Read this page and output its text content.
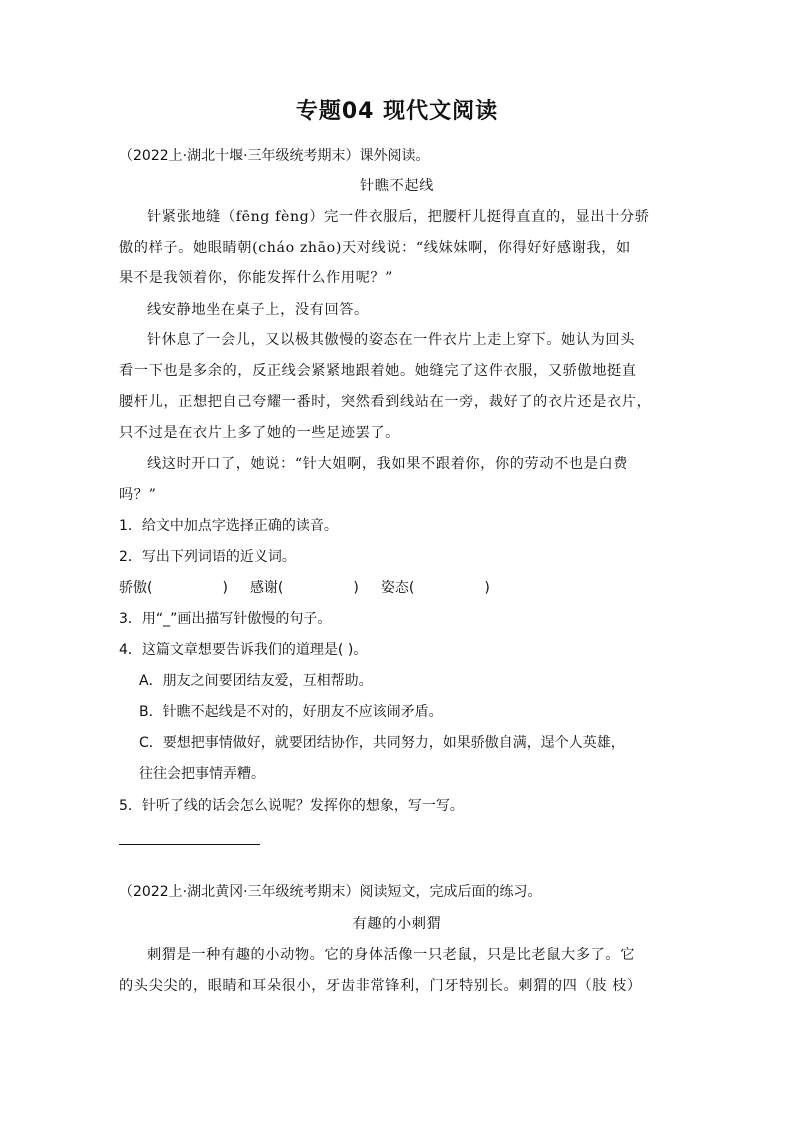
专题04 现代文阅读
（2022上·湖北十堰·三年级统考期末）课外阅读。
针瞧不起线
针紧张地缝（fēng fèng）完一件衣服后，把腰杆儿挺得直直的，显出十分骄
傲的样子。她眼睛朝(cháo zhāo)天对线说：“线妹妹啊，你得好好感谢我，如
果不是我领着你，你能发挥什么作用呢？”
线安静地坐在桌子上，没有回答。
针休息了一会儿，又以极其傲慢的姿态在一件衣片上走上穿下。她认为回头
看一下也是多余的，反正线会紧紧地跟着她。她缝完了这件衣服，又骄傲地挺直
腰杆儿，正想把自己夸耀一番时，突然看到线站在一旁，裁好了的衣片还是衣片，
只不过是在衣片上多了她的一些足迹罢了。
线这时开口了，她说：“针大姐啊，我如果不跟着你，你的劳动不也是白费
吗？”
1．给文中加点字选择正确的读音。
2．写出下列词语的近义词。
骄傲(	) 感谢(	) 姿态(	)
3．用“_”画出描写针傲慢的句子。
4．这篇文章想要告诉我们的道理是( )。
A．朋友之间要团结友爱，互相帮助。
B．针瞧不起线是不对的，好朋友不应该闹矛盾。
C．要想把事情做好，就要团结协作，共同努力，如果骄傲自满，逞个人英雄，
往往会把事情弄糟。
5．针听了线的话会怎么说呢？发挥你的想象，写一写。
（2022上·湖北黄冈·三年级统考期末）阅读短文，完成后面的练习。
有趣的小刺猬
刺猬是一种有趣的小动物。它的身体活像一只老鼠，只是比老鼠大多了。它
的头尖尖的，眼睛和耳朵很小，牙齿非常锋利，门牙特别长。刺猬的四（肢 枝）
